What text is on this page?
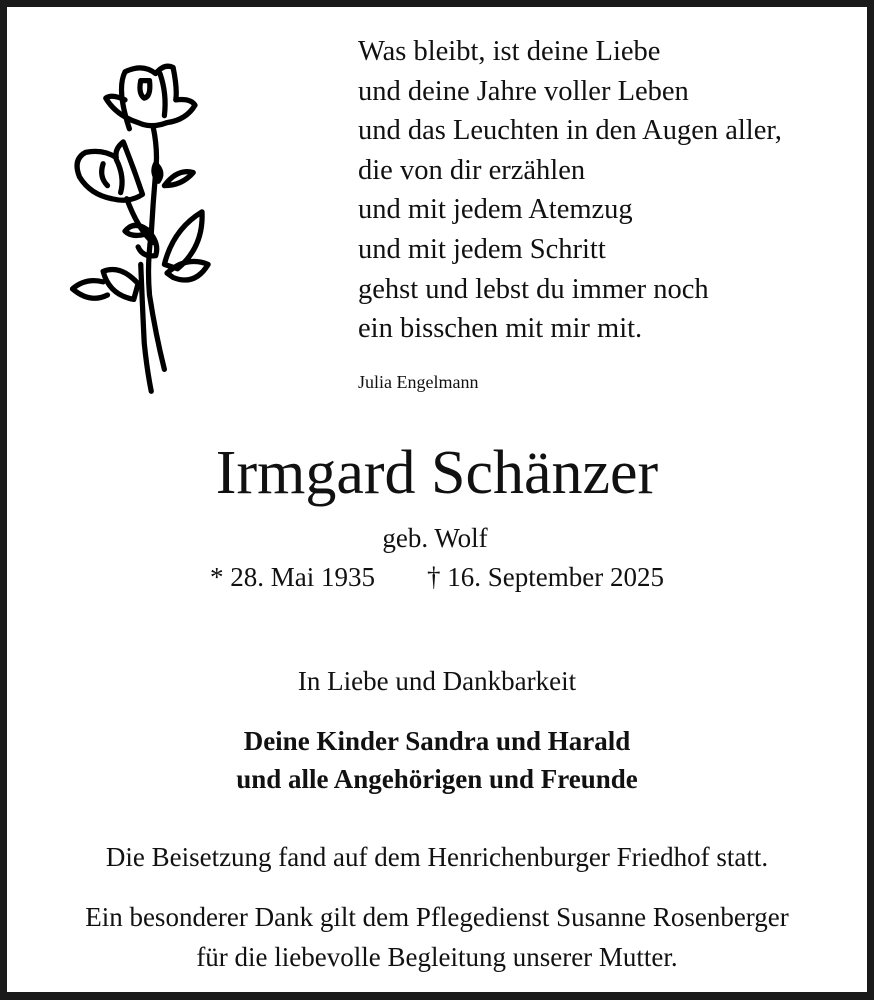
Was bleibt, ist deine Liebe
und deine Jahre voller Leben
und das Leuchten in den Augen aller,
die von dir erzählen
und mit jedem Atemzug
und mit jedem Schritt
gehst und lebst du immer noch
ein bisschen mit mir mit.
Julia Engelmann
Irmgard Schänzer
geb. Wolf
* 28. Mai 1935 † 16. September 2025
In Liebe und Dankbarkeit
Deine Kinder Sandra und Harald
und alle Angehörigen und Freunde
Die Beisetzung fand auf dem Henrichenburger Friedhof statt.
Ein besonderer Dank gilt dem Pflegedienst Susanne Rosenberger
für die liebevolle Begleitung unserer Mutter.
